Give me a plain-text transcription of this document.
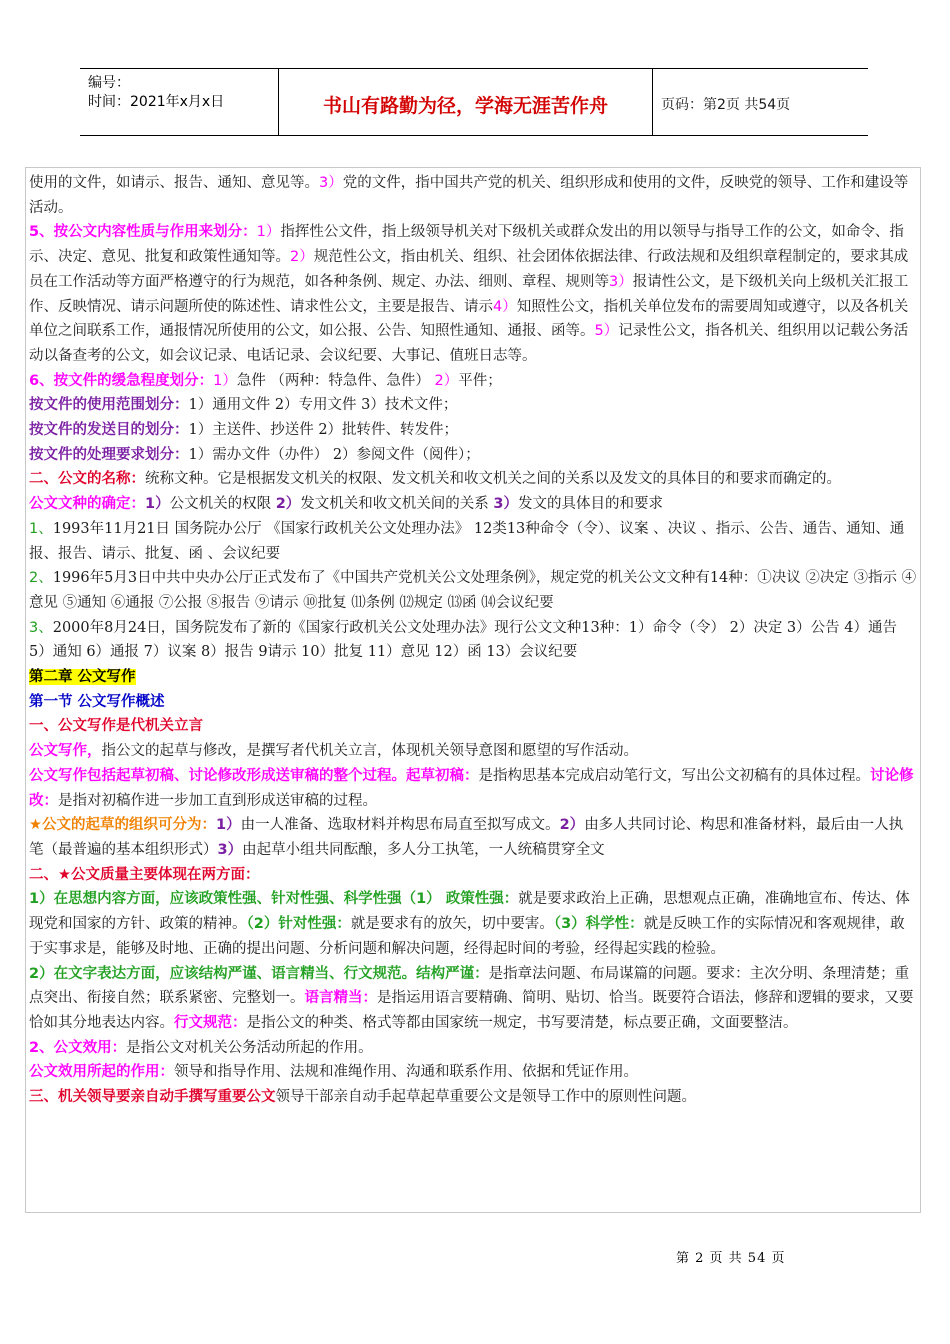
编号：
时间：2021年x月x日	书山有路勤为径，学海无涯苦作舟	页码：第2页 共54页

使用的文件，如请示、报告、通知、意见等。3）党的文件，指中国共产党的机关、组织形成和使用的文件，反映党的领导、工作和建设等活动。

5、按公文内容性质与作用来划分：1）指挥性公文件，指上级领导机关对下级机关或群众发出的用以领导与指导工作的公文，如命令、指示、决定、意见、批复和政策性通知等。2）规范性公文，指由机关、组织、社会团体依据法律、行政法规和及组织章程制定的，要求其成员在工作活动等方面严格遵守的行为规范，如各种条例、规定、办法、细则、章程、规则等3）报请性公文，是下级机关向上级机关汇报工作、反映情况、请示问题所使的陈述性、请求性公文，主要是报告、请示4）知照性公文，指机关单位发布的需要周知或遵守，以及各机关单位之间联系工作，通报情况所使用的公文，如公报、公告、知照性通知、通报、函等。5）记录性公文，指各机关、组织用以记载公务活动以备查考的公文，如会议记录、电话记录、会议纪要、大事记、值班日志等。

6、按文件的缓急程度划分：1）急件 （两种：特急件、急件） 2）平件；

按文件的使用范围划分：1）通用文件 2）专用文件 3）技术文件；

按文件的发送目的划分：1）主送件、抄送件 2）批转件、转发件；

按文件的处理要求划分：1）需办文件（办件） 2）参阅文件（阅件）；

二、公文的名称：统称文种。它是根据发文机关的权限、发文机关和收文机关之间的关系以及发文的具体目的和要求而确定的。

公文文种的确定：1）公文机关的权限 2）发文机关和收文机关间的关系 3）发文的具体目的和要求

1、1993年11月21日 国务院办公厅 《国家行政机关公文处理办法》 12类13种命令（令）、议案 、决议 、指示、公告、通告、通知、通报、报告、请示、批复、函 、会议纪要

2、1996年5月3日中共中央办公厅正式发布了《中国共产党机关公文处理条例》，规定党的机关公文文种有14种：①决议 ②决定 ③指示 ④意见 ⑤通知 ⑥通报 ⑦公报 ⑧报告 ⑨请示 ⑩批复 ⑾条例 ⑿规定 ⒀函 ⒁会议纪要

3、2000年8月24日，国务院发布了新的《国家行政机关公文处理办法》现行公文文种13种：1）命令（令） 2）决定 3）公告 4）通告 5）通知 6）通报 7）议案 8）报告 9请示 10）批复 11）意见 12）函 13）会议纪要

第二章 公文写作

第一节 公文写作概述

一、公文写作是代机关立言

公文写作，指公文的起草与修改，是撰写者代机关立言，体现机关领导意图和愿望的写作活动。

公文写作包括起草初稿、讨论修改形成送审稿的整个过程。起草初稿：是指构思基本完成启动笔行文，写出公文初稿有的具体过程。讨论修改：是指对初稿作进一步加工直到形成送审稿的过程。

★公文的起草的组织可分为：1）由一人准备、选取材料并构思布局直至拟写成文。2）由多人共同讨论、构思和准备材料，最后由一人执笔（最普遍的基本组织形式）3）由起草小组共同酝酿，多人分工执笔，一人统稿贯穿全文

二、★公文质量主要体现在两方面：

1）在思想内容方面，应该政策性强、针对性强、科学性强（1） 政策性强：就是要求政治上正确，思想观点正确，准确地宣布、传达、体现党和国家的方针、政策的精神。（2）针对性强：就是要求有的放矢，切中要害。（3）科学性：就是反映工作的实际情况和客观规律，敢于实事求是，能够及时地、正确的提出问题、分析问题和解决问题，经得起时间的考验，经得起实践的检验。

2）在文字表达方面，应该结构严谨、语言精当、行文规范。结构严谨：是指章法问题、布局谋篇的问题。要求：主次分明、条理清楚；重点突出、衔接自然；联系紧密、完整划一。语言精当：是指运用语言要精确、简明、贴切、恰当。既要符合语法，修辞和逻辑的要求，又要恰如其分地表达内容。行文规范：是指公文的种类、格式等都由国家统一规定，书写要清楚，标点要正确，文面要整洁。

2、公文效用：是指公文对机关公务活动所起的作用。

公文效用所起的作用：领导和指导作用、法规和准绳作用、沟通和联系作用、依据和凭证作用。

三、机关领导要亲自动手撰写重要公文领导干部亲自动手起草起草重要公文是领导工作中的原则性问题。

第 2 页 共 54 页
